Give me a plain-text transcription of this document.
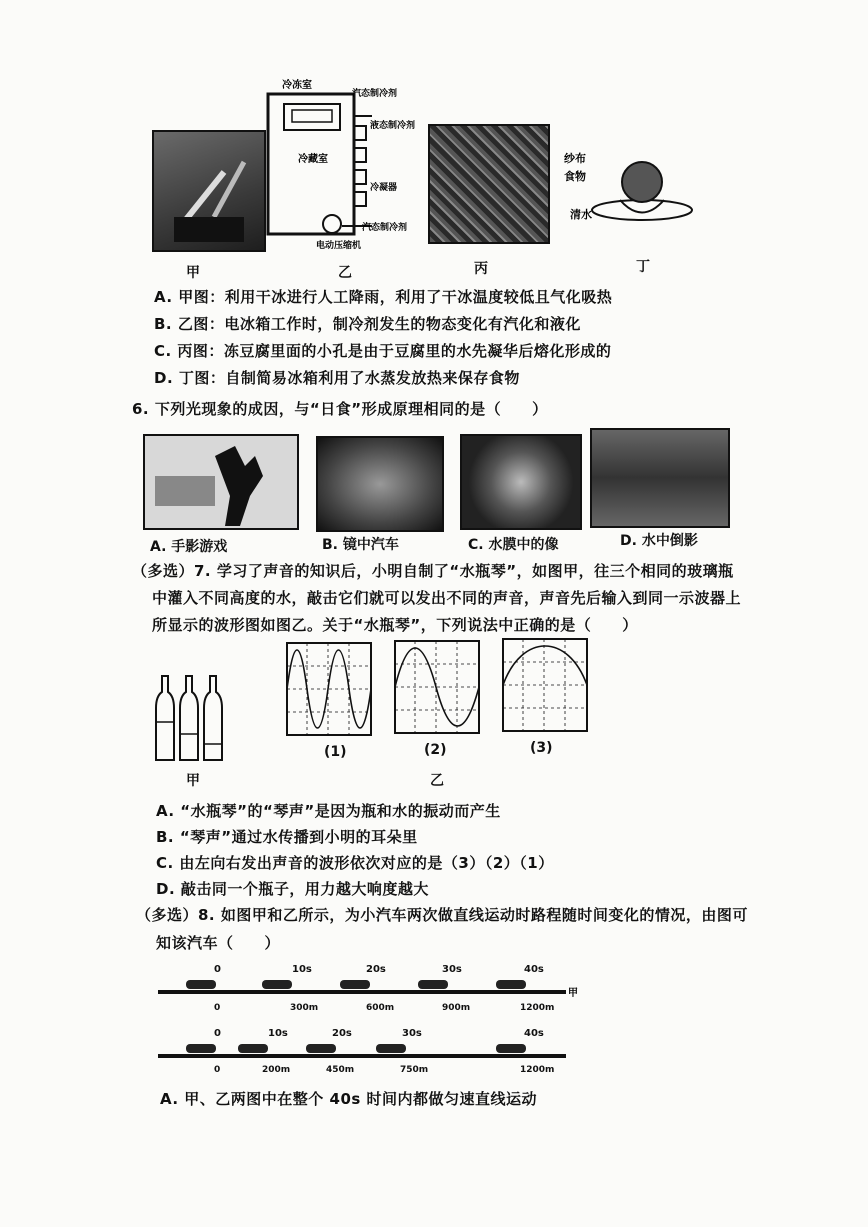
甲
冷冻室
冷藏室
汽态制冷剂
液态制冷剂
冷凝器
汽态制冷剂
电动压缩机
乙	丙
纱布
食物
清水
丁
A. 甲图：利用干冰进行人工降雨，利用了干冰温度较低且气化吸热
B. 乙图：电冰箱工作时，制冷剂发生的物态变化有汽化和液化
C. 丙图：冻豆腐里面的小孔是由于豆腐里的水先凝华后熔化形成的
D. 丁图：自制简易冰箱利用了水蒸发放热来保存食物
6. 下列光现象的成因，与“日食”形成原理相同的是（　　）
A. 手影游戏	B. 镜中汽车	C. 水膜中的像	D. 水中倒影
（多选）7. 学习了声音的知识后，小明自制了“水瓶琴”，如图甲，往三个相同的玻璃瓶
中灌入不同高度的水，敲击它们就可以发出不同的声音，声音先后输入到同一示波器上
所显示的波形图如图乙。关于“水瓶琴”，下列说法中正确的是（　　）
甲
(1)	(2)	(3)
乙
A. “水瓶琴”的“琴声”是因为瓶和水的振动而产生
B. “琴声”通过水传播到小明的耳朵里
C. 由左向右发出声音的波形依次对应的是（3）（2）（1）
D. 敲击同一个瓶子，用力越大响度越大
（多选）8. 如图甲和乙所示，为小汽车两次做直线运动时路程随时间变化的情况，由图可
知该汽车（　　）
0	10s	20s	30s	40s
甲
0	300m	600m	900m	1200m
0	10s	20s	30s	40s
0	200m	450m	750m	1200m
A. 甲、乙两图中在整个 40s 时间内都做匀速直线运动
